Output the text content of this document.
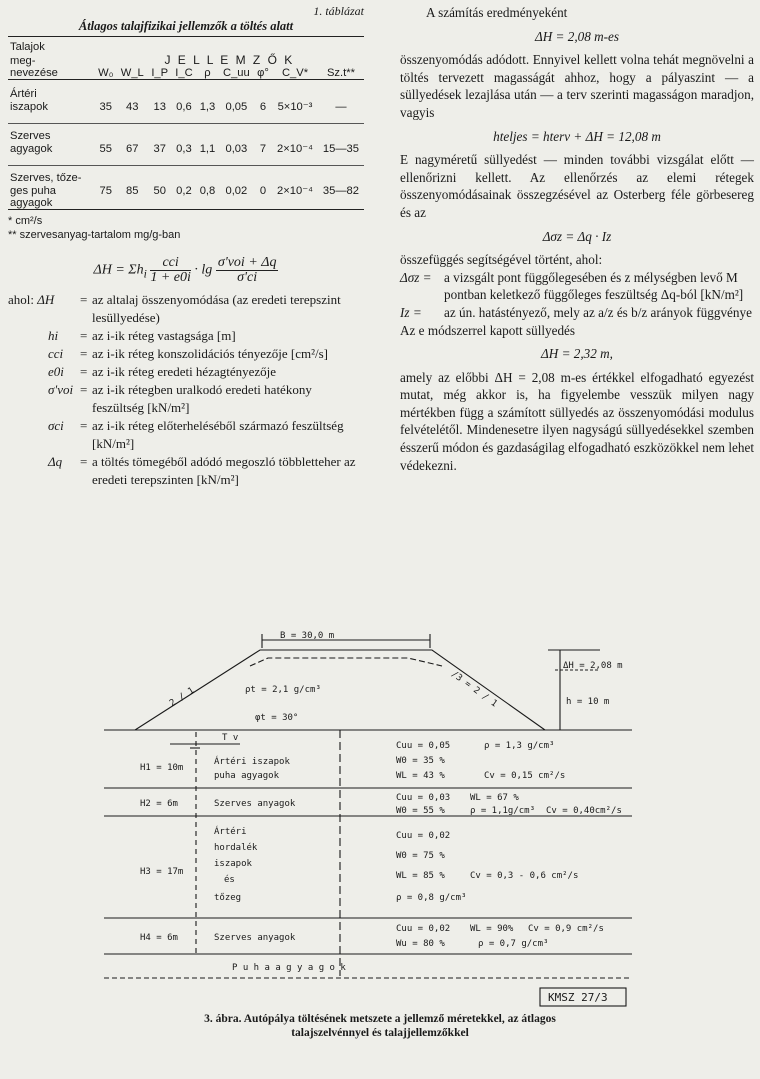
1. táblázat
Átlagos talajfizikai jellemzők a töltés alatt
Talajok									
meg-	J E L L E M Z Ő K								
nevezése	W₀	W_L	I_P	I_C	ρ	C_uu	φ°	C_V*	Sz.t**
Ártéri									
iszapok	35	43	13	0,6	1,3	0,05	6	5×10⁻³	—
Szerves									
agyagok	55	67	37	0,3	1,1	0,03	7	2×10⁻⁴	15—35
Szerves, tőze-									
ges puha	75	85	50	0,2	0,8	0,02	0	2×10⁻⁴	35—82
agyagok									
* cm²/s
** szervesanyag-tartalom mg/g-ban
$\Delta H = \Sigma h_i \frac{\text{cci}}{1 + e0i} \cdot \lg \frac{\text{σ'voi + Δq}}{\sigma'ci}$
ahol: ΔH	= az altalaj összenyomódása (az eredeti terepszint lesüllyedése)
hi	= az i-ik réteg vastagsága [m]
cci	= az i-ik réteg konszolidációs tényezője [cm²/s]
e0i	= az i-ik réteg eredeti hézagtényezője
σ'voi = az i-ik rétegben uralkodó eredeti hatékony feszültség [kN/m²]
σci	= az i-ik réteg előterheléséből származó feszültség [kN/m²]
Δq	= a töltés tömegéből adódó megoszló többletteher az eredeti terepszinten [kN/m²]
A számítás eredményeként
ΔH = 2,08 m-es
összenyomódás adódott. Ennyivel kellett volna tehát megnövelni a töltés tervezett magasságát ahhoz, hogy a pályaszint — a süllyedések lezajlása után — a terv szerinti magasságon maradjon, vagyis
hteljes = hterv + ΔH = 12,08 m
E nagyméretű süllyedést — minden további vizsgálat előtt — ellenőrizni kellett. Az ellenőrzés az elemi rétegek összenyomódásainak összegzésével az Osterberg féle görbesereg és az
Δσz = Δq · Iz
összefüggés segítségével történt, ahol:
Δσz = a vizsgált pont függőlegesében és z mélységben levő M pontban keletkező függőleges feszültség Δq-ból [kN/m²]
Iz =	az ún. hatástényező, mely az a/z és b/z arányok függvénye
Az e módszerrel kapott süllyedés
ΔH = 2,32 m,
amely az előbbi ΔH = 2,08 m-es értékkel elfogadható egyezést mutat, még akkor is, ha figyelembe vesszük milyen nagy mértékben függ a számított süllyedés az összenyomódási modulus felvételétől. Mindenesetre ilyen nagyságú süllyedésekkel szemben ésszerű módon és gazdaságilag elfogadható eszközökkel nem lehet védekezni.
B = 30,0 m
ΔH = 2,08 m
h = 10 m
2 / 1	/3 = 2 / 1
ρt = 2,1 g/cm³
φt = 30°
T v
H1 = 10m
Ártéri iszapok
puha agyagok
Cuu = 0,05	ρ = 1,3 g/cm³
W0 = 35 %
WL = 43 %	Cv = 0,15 cm²/s
H2 = 6m	Szerves anyagok
Cuu = 0,03 WL = 67 %
W0 = 55 %	ρ = 1,1g/cm³ Cv = 0,40cm²/s
H3 = 17m
Ártéri
hordalék
iszapok
és
tőzeg
Cuu = 0,02
W0 = 75 %
WL = 85 %	Cv = 0,3 - 0,6 cm²/s
ρ = 0,8 g/cm³
H4 = 6m	Szerves anyagok
Cuu = 0,02 WL = 90% Cv = 0,9 cm²/s
Wu = 80 %	ρ = 0,7 g/cm³
P u h a a g y a g o k
KMSZ 27/3
3. ábra. Autópálya töltésének metszete a jellemző méretekkel, az átlagos talajszelvénnyel és talajjellemzőkkel
